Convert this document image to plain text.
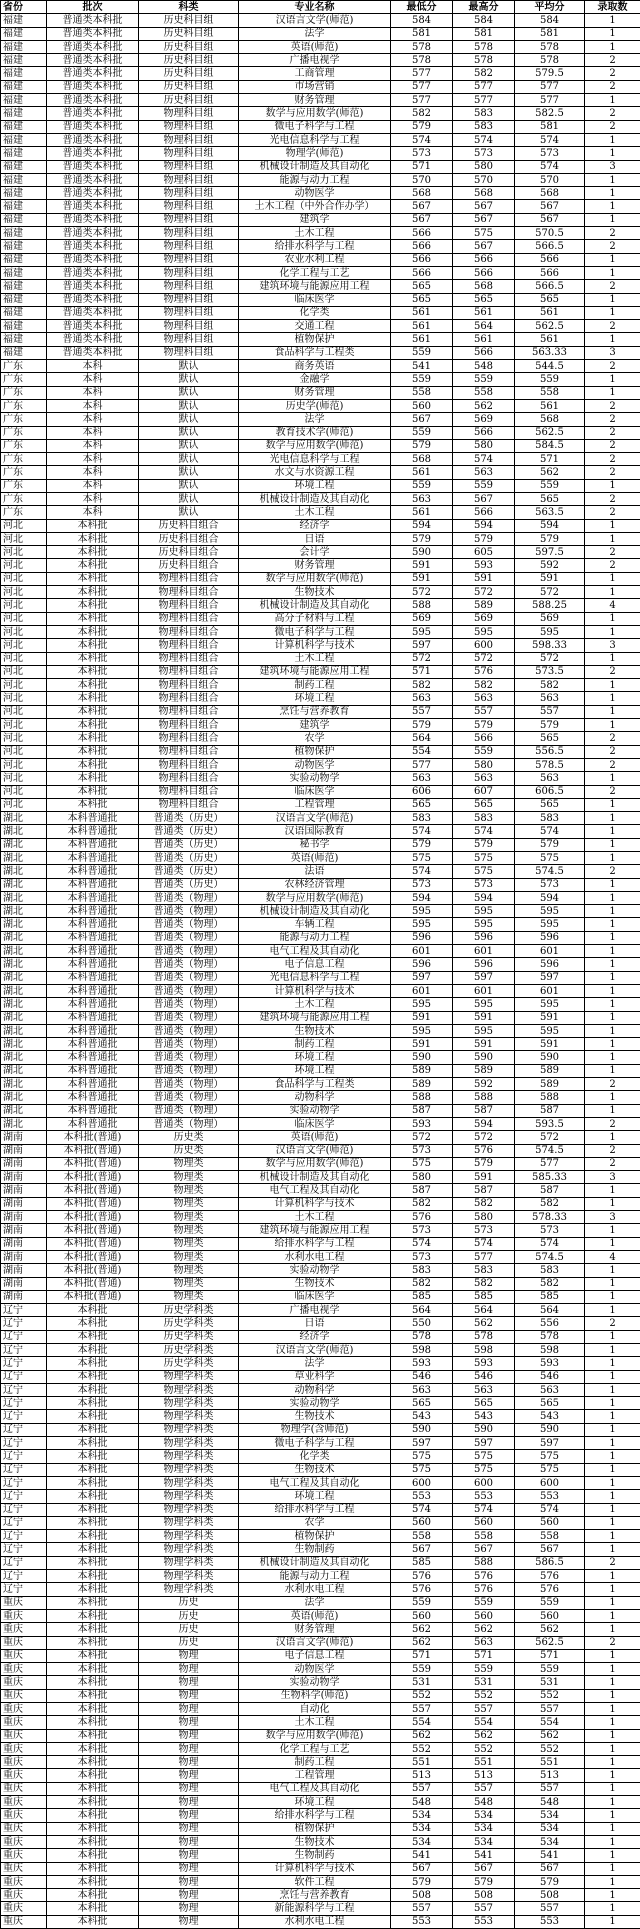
省份	批次	科类	专业名称	最低分	最高分	平均分	录取数
福建	普通类本科批	历史科目组	汉语言文学(师范)	584	584	584	1
福建	普通类本科批	历史科目组	法学	581	581	581	1
福建	普通类本科批	历史科目组	英语(师范)	578	578	578	1
福建	普通类本科批	历史科目组	广播电视学	578	578	578	2
福建	普通类本科批	历史科目组	工商管理	577	582	579.5	2
福建	普通类本科批	历史科目组	市场营销	577	577	577	2
福建	普通类本科批	历史科目组	财务管理	577	577	577	1
福建	普通类本科批	物理科目组	数学与应用数学(师范)	582	583	582.5	2
福建	普通类本科批	物理科目组	微电子科学与工程	579	583	581	2
福建	普通类本科批	物理科目组	光电信息科学与工程	574	574	574	1
福建	普通类本科批	物理科目组	物理学(师范)	573	573	573	1
福建	普通类本科批	物理科目组	机械设计制造及其自动化	571	580	574	3
福建	普通类本科批	物理科目组	能源与动力工程	570	570	570	1
福建	普通类本科批	物理科目组	动物医学	568	568	568	1
福建	普通类本科批	物理科目组	土木工程（中外合作办学）	567	567	567	1
福建	普通类本科批	物理科目组	建筑学	567	567	567	1
福建	普通类本科批	物理科目组	土木工程	566	575	570.5	2
福建	普通类本科批	物理科目组	给排水科学与工程	566	567	566.5	2
福建	普通类本科批	物理科目组	农业水利工程	566	566	566	1
福建	普通类本科批	物理科目组	化学工程与工艺	566	566	566	1
福建	普通类本科批	物理科目组	建筑环境与能源应用工程	565	568	566.5	2
福建	普通类本科批	物理科目组	临床医学	565	565	565	1
福建	普通类本科批	物理科目组	化学类	561	561	561	1
福建	普通类本科批	物理科目组	交通工程	561	564	562.5	2
福建	普通类本科批	物理科目组	植物保护	561	561	561	1
福建	普通类本科批	物理科目组	食品科学与工程类	559	566	563.33	3
广东	本科	默认	商务英语	541	548	544.5	2
广东	本科	默认	金融学	559	559	559	1
广东	本科	默认	财务管理	558	558	558	1
广东	本科	默认	历史学(师范)	560	562	561	2
广东	本科	默认	法学	567	569	568	2
广东	本科	默认	教育技术学(师范)	559	566	562.5	2
广东	本科	默认	数学与应用数学(师范)	579	580	584.5	2
广东	本科	默认	光电信息科学与工程	568	574	571	2
广东	本科	默认	水文与水资源工程	561	563	562	2
广东	本科	默认	环境工程	559	559	559	1
广东	本科	默认	机械设计制造及其自动化	563	567	565	2
广东	本科	默认	土木工程	561	566	563.5	2
河北	本科批	历史科目组合	经济学	594	594	594	1
河北	本科批	历史科目组合	日语	579	579	579	1
河北	本科批	历史科目组合	会计学	590	605	597.5	2
河北	本科批	历史科目组合	财务管理	591	593	592	2
河北	本科批	物理科目组合	数学与应用数学(师范)	591	591	591	1
河北	本科批	物理科目组合	生物技术	572	572	572	1
河北	本科批	物理科目组合	机械设计制造及其自动化	588	589	588.25	4
河北	本科批	物理科目组合	高分子材料与工程	569	569	569	1
河北	本科批	物理科目组合	微电子科学与工程	595	595	595	1
河北	本科批	物理科目组合	计算机科学与技术	597	600	598.33	3
河北	本科批	物理科目组合	土木工程	572	572	572	1
河北	本科批	物理科目组合	建筑环境与能源应用工程	571	576	573.5	2
河北	本科批	物理科目组合	制药工程	582	582	582	1
河北	本科批	物理科目组合	环境工程	563	563	563	1
河北	本科批	物理科目组合	烹饪与营养教育	557	557	557	1
河北	本科批	物理科目组合	建筑学	579	579	579	1
河北	本科批	物理科目组合	农学	564	566	565	2
河北	本科批	物理科目组合	植物保护	554	559	556.5	2
河北	本科批	物理科目组合	动物医学	577	580	578.5	2
河北	本科批	物理科目组合	实验动物学	563	563	563	1
河北	本科批	物理科目组合	临床医学	606	607	606.5	2
河北	本科批	物理科目组合	工程管理	565	565	565	1
湖北	本科普通批	普通类（历史）	汉语言文学(师范)	583	583	583	1
湖北	本科普通批	普通类（历史）	汉语国际教育	574	574	574	1
湖北	本科普通批	普通类（历史）	秘书学	579	579	579	1
湖北	本科普通批	普通类（历史）	英语(师范)	575	575	575	1
湖北	本科普通批	普通类（历史）	法语	574	575	574.5	2
湖北	本科普通批	普通类（历史）	农林经济管理	573	573	573	1
湖北	本科普通批	普通类（物理）	数学与应用数学(师范)	594	594	594	1
湖北	本科普通批	普通类（物理）	机械设计制造及其自动化	595	595	595	1
湖北	本科普通批	普通类（物理）	车辆工程	595	595	595	1
湖北	本科普通批	普通类（物理）	能源与动力工程	596	596	596	1
湖北	本科普通批	普通类（物理）	电气工程及其自动化	601	601	601	1
湖北	本科普通批	普通类（物理）	电子信息工程	596	596	596	1
湖北	本科普通批	普通类（物理）	光电信息科学与工程	597	597	597	1
湖北	本科普通批	普通类（物理）	计算机科学与技术	601	601	601	1
湖北	本科普通批	普通类（物理）	土木工程	595	595	595	1
湖北	本科普通批	普通类（物理）	建筑环境与能源应用工程	591	591	591	1
湖北	本科普通批	普通类（物理）	生物技术	595	595	595	1
湖北	本科普通批	普通类（物理）	制药工程	591	591	591	1
湖北	本科普通批	普通类（物理）	环境工程	590	590	590	1
湖北	本科普通批	普通类（物理）	环境工程	589	589	589	1
湖北	本科普通批	普通类（物理）	食品科学与工程类	589	592	589	2
湖北	本科普通批	普通类（物理）	动物科学	588	588	588	1
湖北	本科普通批	普通类（物理）	实验动物学	587	587	587	1
湖北	本科普通批	普通类（物理）	临床医学	593	594	593.5	2
湖南	本科批(普通)	历史类	英语(师范)	572	572	572	1
湖南	本科批(普通)	历史类	汉语言文学(师范)	573	576	574.5	2
湖南	本科批(普通)	物理类	数学与应用数学(师范)	575	579	577	2
湖南	本科批(普通)	物理类	机械设计制造及其自动化	580	591	585.33	3
湖南	本科批(普通)	物理类	电气工程及其自动化	587	587	587	1
湖南	本科批(普通)	物理类	计算机科学与技术	582	582	582	1
湖南	本科批(普通)	物理类	土木工程	576	580	578.33	3
湖南	本科批(普通)	物理类	建筑环境与能源应用工程	573	573	573	1
湖南	本科批(普通)	物理类	给排水科学与工程	574	574	574	1
湖南	本科批(普通)	物理类	水利水电工程	573	577	574.5	4
湖南	本科批(普通)	物理类	实验动物学	583	583	583	1
湖南	本科批(普通)	物理类	生物技术	582	582	582	1
湖南	本科批(普通)	物理类	临床医学	585	585	585	1
辽宁	本科批	历史学科类	广播电视学	564	564	564	1
辽宁	本科批	历史学科类	日语	550	562	556	2
辽宁	本科批	历史学科类	经济学	578	578	578	1
辽宁	本科批	历史学科类	汉语言文学(师范)	598	598	598	1
辽宁	本科批	历史学科类	法学	593	593	593	1
辽宁	本科批	物理学科类	草业科学	546	546	546	1
辽宁	本科批	物理学科类	动物科学	563	563	563	1
辽宁	本科批	物理学科类	实验动物学	565	565	565	1
辽宁	本科批	物理学科类	生物技术	543	543	543	1
辽宁	本科批	物理学科类	物理学(含师范)	590	590	590	1
辽宁	本科批	物理学科类	微电子科学与工程	597	597	597	1
辽宁	本科批	物理学科类	化学类	575	575	575	1
辽宁	本科批	物理学科类	生物技术	575	575	575	1
辽宁	本科批	物理学科类	电气工程及其自动化	600	600	600	1
辽宁	本科批	物理学科类	环境工程	553	553	553	1
辽宁	本科批	物理学科类	给排水科学与工程	574	574	574	1
辽宁	本科批	物理学科类	农学	560	560	560	1
辽宁	本科批	物理学科类	植物保护	558	558	558	1
辽宁	本科批	物理学科类	生物制药	567	567	567	1
辽宁	本科批	物理学科类	机械设计制造及其自动化	585	588	586.5	2
辽宁	本科批	物理学科类	能源与动力工程	576	576	576	1
辽宁	本科批	物理学科类	水利水电工程	576	576	576	1
重庆	本科批	历史	法学	559	559	559	1
重庆	本科批	历史	英语(师范)	560	560	560	1
重庆	本科批	历史	财务管理	562	562	562	1
重庆	本科批	历史	汉语言文学(师范)	562	563	562.5	2
重庆	本科批	物理	电子信息工程	571	571	571	1
重庆	本科批	物理	动物医学	559	559	559	1
重庆	本科批	物理	实验动物学	531	531	531	1
重庆	本科批	物理	生物科学(师范)	552	552	552	1
重庆	本科批	物理	自动化	557	557	557	1
重庆	本科批	物理	土木工程	554	554	554	1
重庆	本科批	物理	数学与应用数学(师范)	562	562	562	1
重庆	本科批	物理	化学工程与工艺	552	552	552	1
重庆	本科批	物理	制药工程	551	551	551	1
重庆	本科批	物理	工程管理	513	513	513	1
重庆	本科批	物理	电气工程及其自动化	557	557	557	1
重庆	本科批	物理	环境工程	548	548	548	1
重庆	本科批	物理	给排水科学与工程	534	534	534	1
重庆	本科批	物理	植物保护	534	534	534	1
重庆	本科批	物理	生物技术	534	534	534	1
重庆	本科批	物理	生物制药	541	541	541	1
重庆	本科批	物理	计算机科学与技术	567	567	567	1
重庆	本科批	物理	软件工程	579	579	579	1
重庆	本科批	物理	烹饪与营养教育	508	508	508	1
重庆	本科批	物理	新能源科学与工程	557	557	557	1
重庆	本科批	物理	水利水电工程	553	553	553	1
